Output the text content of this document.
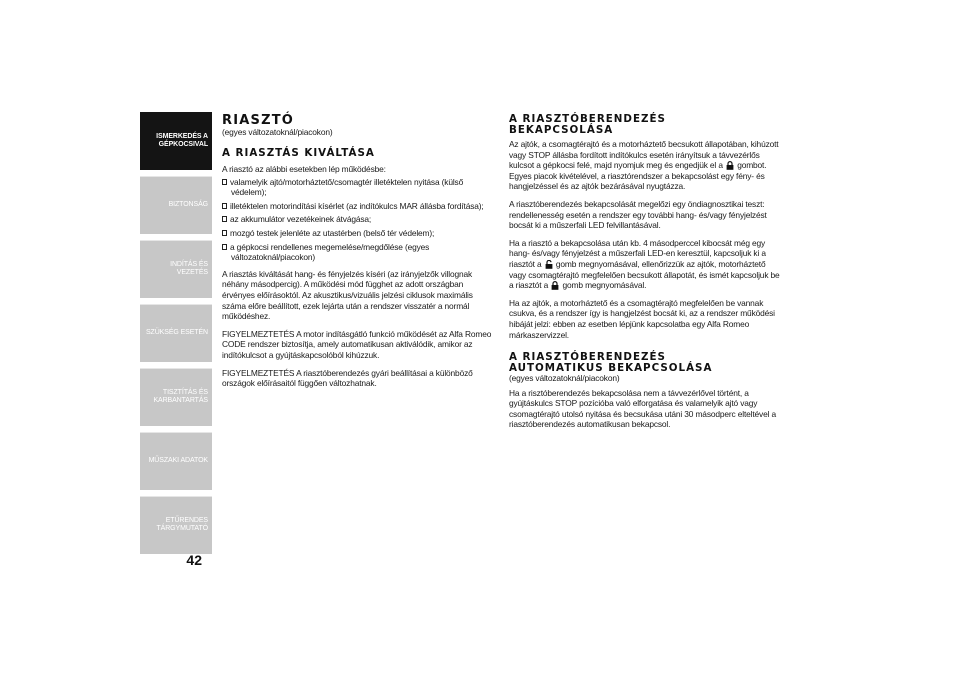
ISMERKEDÉS A
GÉPKOCSIVAL
BIZTONSÁG
INDÍTÁS ÉS VEZETÉS
SZÜKSÉG ESETÉN
TISZTÍTÁS ÉS
KARBANTARTÁS
MŰSZAKI ADATOK
ETŰRENDES
TÁRGYMUTATÓ
42
RIASZTÓ
(egyes változatoknál/piacokon)
A RIASZTÁS KIVÁLTÁSA

A riasztó az alábbi esetekben lép működésbe:

valamelyik ajtó/motorháztető/csomagtér illetéktelen nyitása (külső védelem);
illetéktelen motorindítási kísérlet (az indítókulcs MAR állásba fordítása);
az akkumulátor vezetékeinek átvágása;
mozgó testek jelenléte az utastérben (belső tér védelem);
a gépkocsi rendellenes megemelése/megdőlése (egyes változatoknál/piacokon)

A riasztás kiváltását hang- és fényjelzés kíséri (az irányjelzők villognak néhány másodpercig). A működési mód függhet az adott országban érvényes előírásoktól. Az akusztikus/vizuális jelzési ciklusok maximális száma előre beállított, ezek lejárta után a rendszer visszatér a normál működéshez.

FIGYELMEZTETÉS A motor indításgátló funkció működését az Alfa Romeo CODE rendszer biztosítja, amely automatikusan aktiválódik, amikor az indítókulcsot a gyújtáskapcsolóból kihúzzuk.

FIGYELMEZTETÉS A riasztóberendezés gyári beállításai a különböző országok előírásaitól függően változhatnak.

A RIASZTÓBERENDEZÉS
BEKAPCSOLÁSA

Az ajtók, a csomagtérajtó és a motorháztető becsukott állapotában, kihúzott vagy STOP állásba fordított indítókulcs esetén irányítsuk a távvezérlős kulcsot a gépkocsi felé, majd nyomjuk meg és engedjük el a gombot. Egyes piacok kivételével, a riasztórendszer a bekapcsolást egy fény- és hangjelzéssel és az ajtók bezárásával nyugtázza.

A riasztóberendezés bekapcsolását megelőzi egy öndiagnosztikai teszt: rendellenesség esetén a rendszer egy további hang- és/vagy fényjelzést bocsát ki a műszerfali LED felvillantásával.

Ha a riasztó a bekapcsolása után kb. 4 másodperccel kibocsát még egy hang- és/vagy fényjelzést a műszerfali LED-en keresztül, kapcsoljuk ki a riasztót a gomb megnyomásával, ellenőrizzük az ajtók, motorháztető vagy csomagtérajtó megfelelően becsukott állapotát, és ismét kapcsoljuk be a riasztót a gomb megnyomásával.

Ha az ajtók, a motorháztető és a csomagtérajtó megfelelően be vannak csukva, és a rendszer így is hangjelzést bocsát ki, az a rendszer működési hibáját jelzi: ebben az esetben lépjünk kapcsolatba egy Alfa Romeo márkaszervizzel.

A RIASZTÓBERENDEZÉS
AUTOMATIKUS BEKAPCSOLÁSA
(egyes változatoknál/piacokon)

Ha a risztóberendezés bekapcsolása nem a távvezérlővel történt, a gyújtáskulcs STOP pozícióba való elforgatása és valamelyik ajtó vagy csomagtérajtó utolsó nyitása és becsukása utáni 30 másodperc elteltével a riasztóberendezés automatikusan bekapcsol.
